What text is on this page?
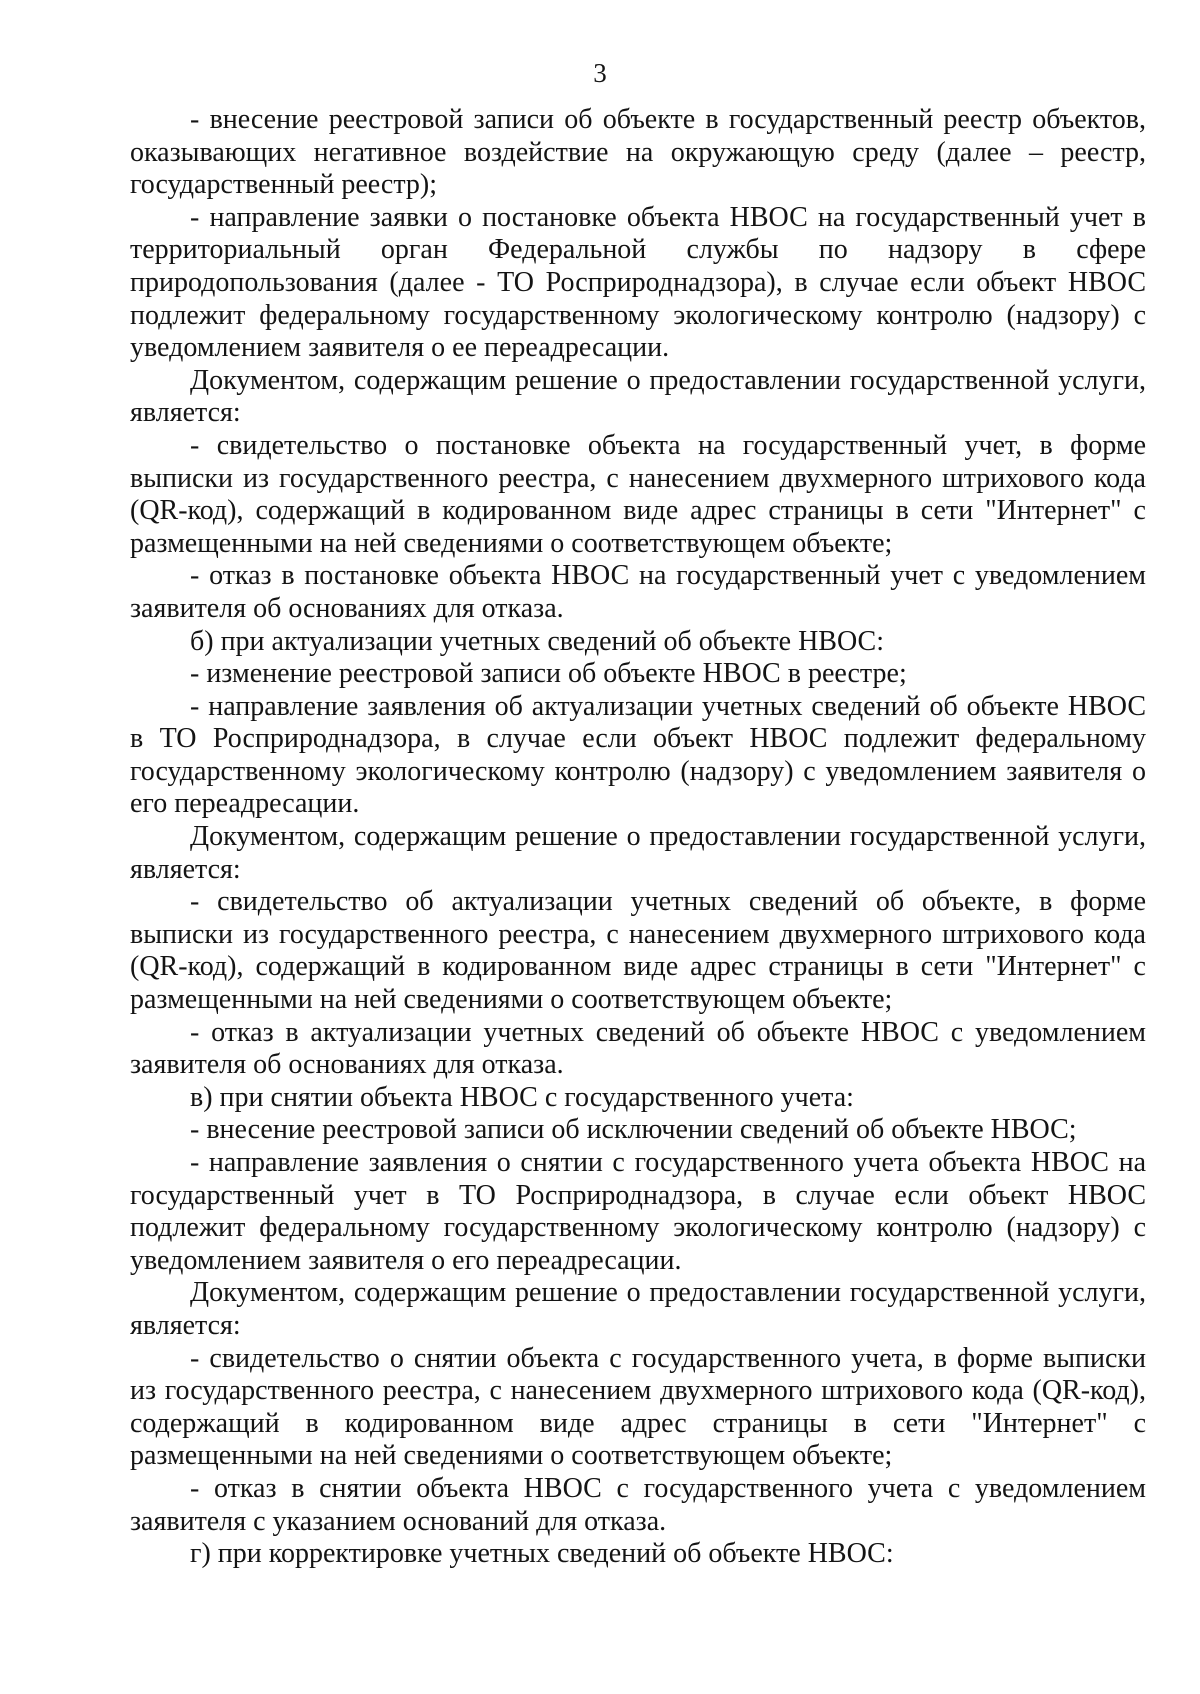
3

- внесение реестровой записи об объекте в государственный реестр объектов, оказывающих негативное воздействие на окружающую среду (далее – реестр, государственный реестр);

- направление заявки о постановке объекта НВОС на государственный учет в территориальный орган Федеральной службы по надзору в сфере природопользования (далее - ТО Росприроднадзора), в случае если объект НВОС подлежит федеральному государственному экологическому контролю (надзору) с уведомлением заявителя о ее переадресации.

Документом, содержащим решение о предоставлении государственной услуги, является:

- свидетельство о постановке объекта на государственный учет, в форме выписки из государственного реестра, с нанесением двухмерного штрихового кода (QR-код), содержащий в кодированном виде адрес страницы в сети "Интернет" с размещенными на ней сведениями о соответствующем объекте;

- отказ в постановке объекта НВОС на государственный учет с уведомлением заявителя об основаниях для отказа.

б) при актуализации учетных сведений об объекте НВОС:

- изменение реестровой записи об объекте НВОС в реестре;

- направление заявления об актуализации учетных сведений об объекте НВОС в ТО Росприроднадзора, в случае если объект НВОС подлежит федеральному государственному экологическому контролю (надзору) с уведомлением заявителя о его переадресации.

Документом, содержащим решение о предоставлении государственной услуги, является:

- свидетельство об актуализации учетных сведений об объекте, в форме выписки из государственного реестра, с нанесением двухмерного штрихового кода (QR-код), содержащий в кодированном виде адрес страницы в сети "Интернет" с размещенными на ней сведениями о соответствующем объекте;

- отказ в актуализации учетных сведений об объекте НВОС с уведомлением заявителя об основаниях для отказа.

в) при снятии объекта НВОС с государственного учета:

- внесение реестровой записи об исключении сведений об объекте НВОС;

- направление заявления о снятии с государственного учета объекта НВОС на государственный учет в ТО Росприроднадзора, в случае если объект НВОС подлежит федеральному государственному экологическому контролю (надзору) с уведомлением заявителя о его переадресации.

Документом, содержащим решение о предоставлении государственной услуги, является:

- свидетельство о снятии объекта с государственного учета, в форме выписки из государственного реестра, с нанесением двухмерного штрихового кода (QR-код), содержащий в кодированном виде адрес страницы в сети "Интернет" с размещенными на ней сведениями о соответствующем объекте;

- отказ в снятии объекта НВОС с государственного учета с уведомлением заявителя с указанием оснований для отказа.

г) при корректировке учетных сведений об объекте НВОС:
